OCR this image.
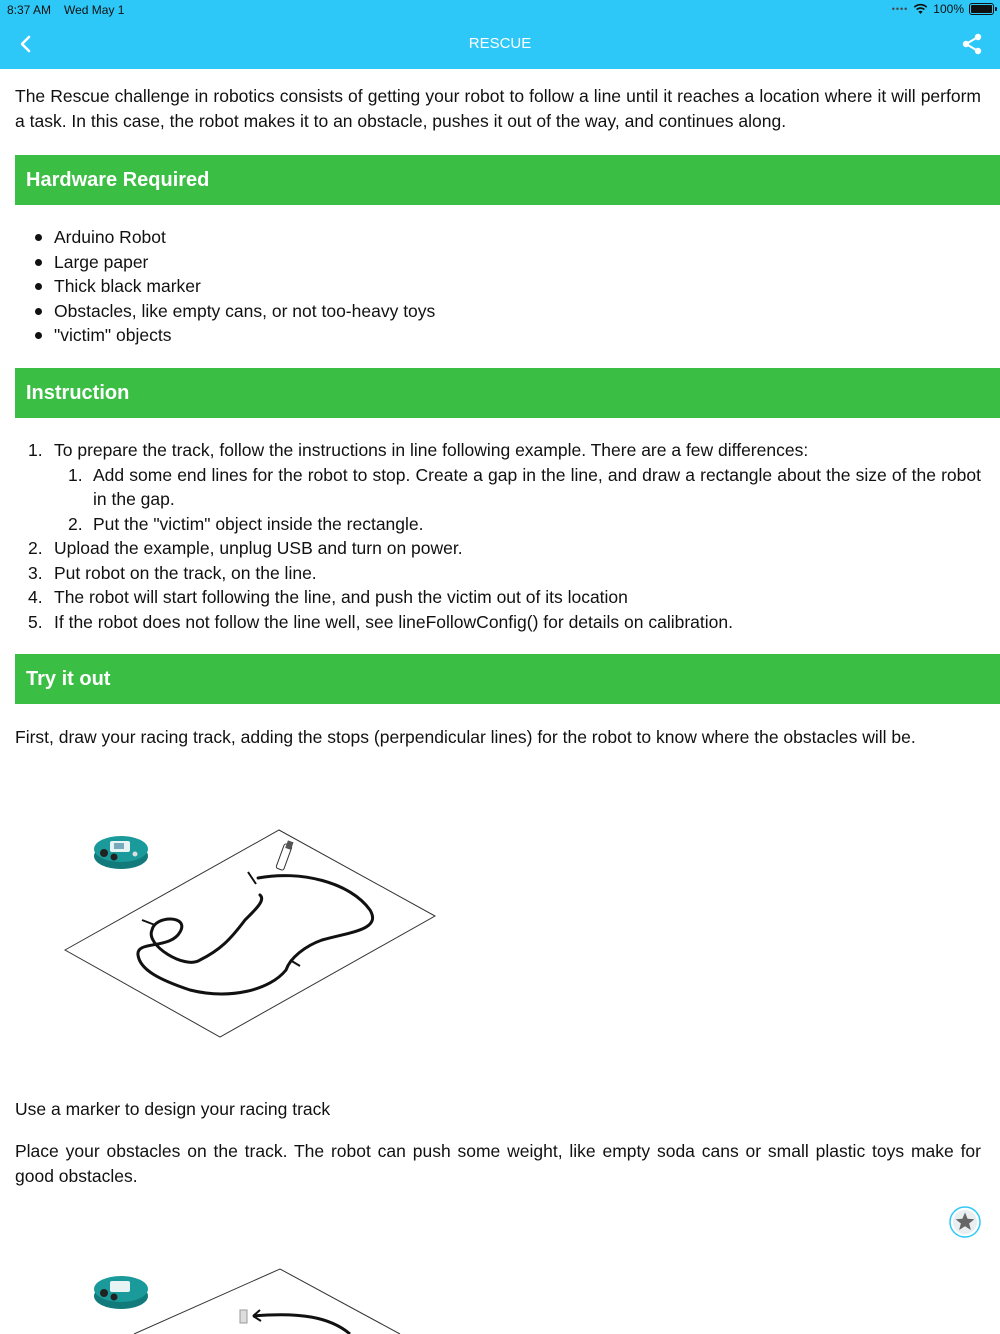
8:37 AM Wed May 1	•••• 100%
RESCUE

The Rescue challenge in robotics consists of getting your robot to follow a line until it reaches a location where it will perform a task. In this case, the robot makes it to an obstacle, pushes it out of the way, and continues along.

Hardware Required
Arduino Robot
Large paper
Thick black marker
Obstacles, like empty cans, or not too-heavy toys
"victim" objects
Instruction
1. To prepare the track, follow the instructions in line following example. There are a few differences:
1. Add some end lines for the robot to stop. Create a gap in the line, and draw a rectangle about the size of the robot in the gap.
2. Put the "victim" object inside the rectangle.
2. Upload the example, unplug USB and turn on power.
3. Put robot on the track, on the line.
4. The robot will start following the line, and push the victim out of its location
5. If the robot does not follow the line well, see lineFollowConfig() for details on calibration.
Try it out

First, draw your racing track, adding the stops (perpendicular lines) for the robot to know where the obstacles will be.

Use a marker to design your racing track

Place your obstacles on the track. The robot can push some weight, like empty soda cans or small plastic toys make for good obstacles.
